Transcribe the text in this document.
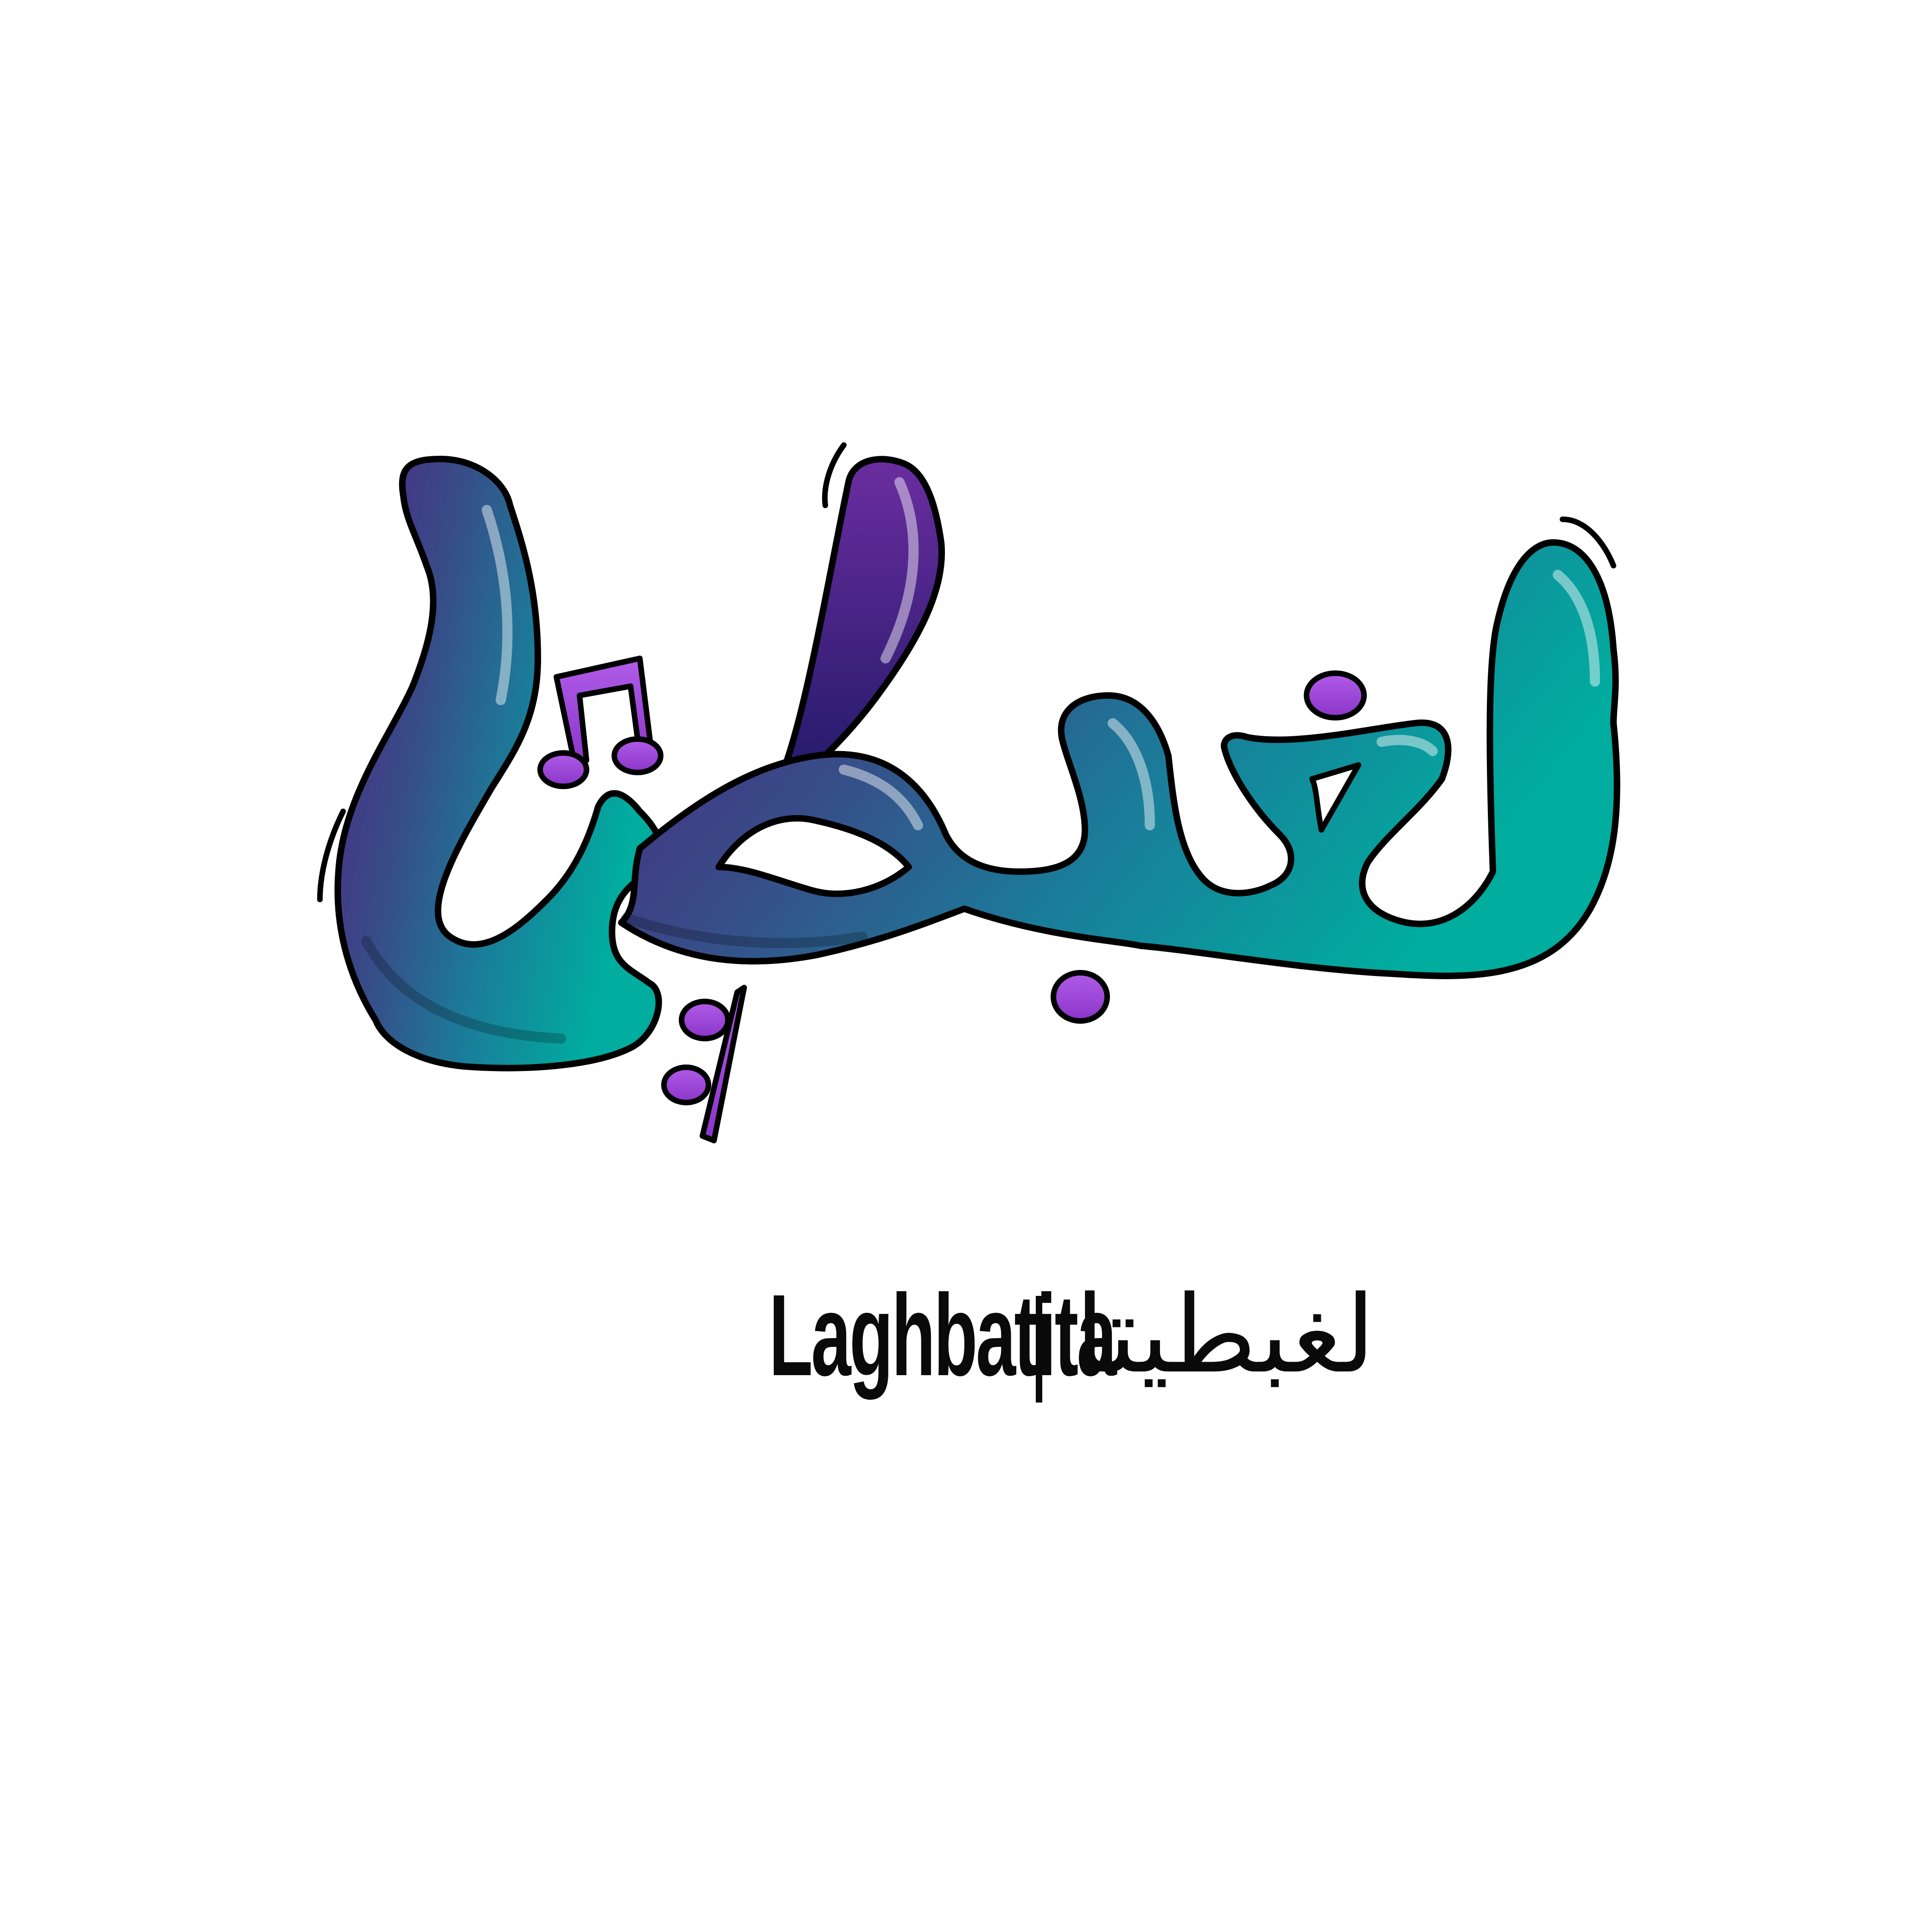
Laghbatita
لغبطيتا
